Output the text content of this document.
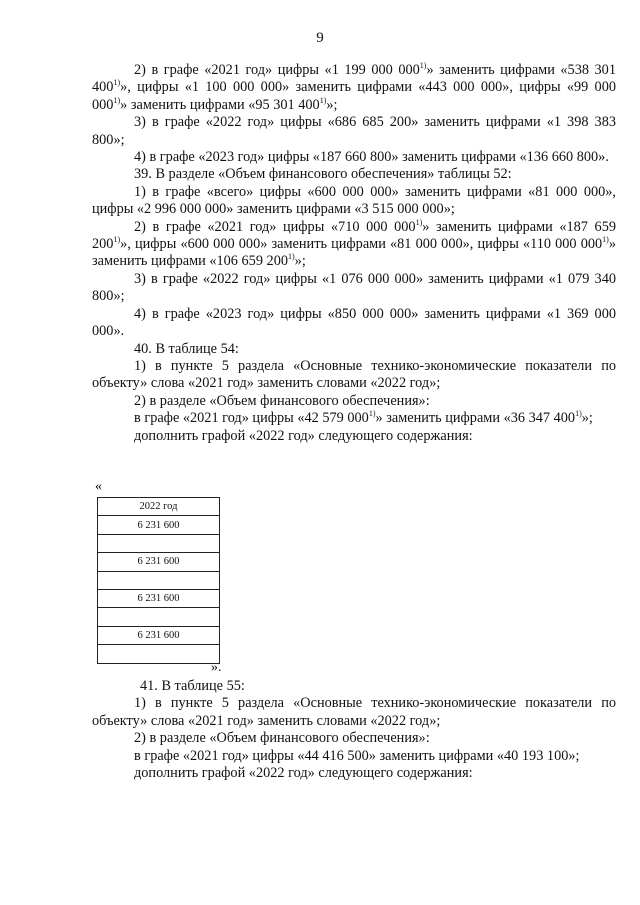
9

2) в графе «2021 год» цифры «1 199 000 000$^{1)}$» заменить цифрами «538 301 400$^{1)}$», цифры «1 100 000 000» заменить цифрами «443 000 000», цифры «99 000 000$^{1)}$» заменить цифрами «95 301 400$^{1)}$»;

3) в графе «2022 год» цифры «686 685 200» заменить цифрами «1 398 383 800»;

4) в графе «2023 год» цифры «187 660 800» заменить цифрами «136 660 800».

39. В разделе «Объем финансового обеспечения» таблицы 52:

1) в графе «всего» цифры «600 000 000» заменить цифрами «81 000 000», цифры «2 996 000 000» заменить цифрами «3 515 000 000»;

2) в графе «2021 год» цифры «710 000 000$^{1)}$» заменить цифрами «187 659 200$^{1)}$», цифры «600 000 000» заменить цифрами «81 000 000», цифры «110 000 000$^{1)}$» заменить цифрами «106 659 200$^{1)}$»;

3) в графе «2022 год» цифры «1 076 000 000» заменить цифрами «1 079 340 800»;

4) в графе «2023 год» цифры «850 000 000» заменить цифрами «1 369 000 000».

40. В таблице 54:

1) в пункте 5 раздела «Основные технико-экономические показатели по объекту» слова «2021 год» заменить словами «2022 год»;

2) в разделе «Объем финансового обеспечения»:

в графе «2021 год» цифры «42 579 000$^{1)}$» заменить цифрами «36 347 400$^{1)}$»;

дополнить графой «2022 год» следующего содержания:

«
2022 год
6 231 600

6 231 600

6 231 600

6 231 600

».

41. В таблице 55:

1) в пункте 5 раздела «Основные технико-экономические показатели по объекту» слова «2021 год» заменить словами «2022 год»;

2) в разделе «Объем финансового обеспечения»:

в графе «2021 год» цифры «44 416 500» заменить цифрами «40 193 100»;

дополнить графой «2022 год» следующего содержания:
